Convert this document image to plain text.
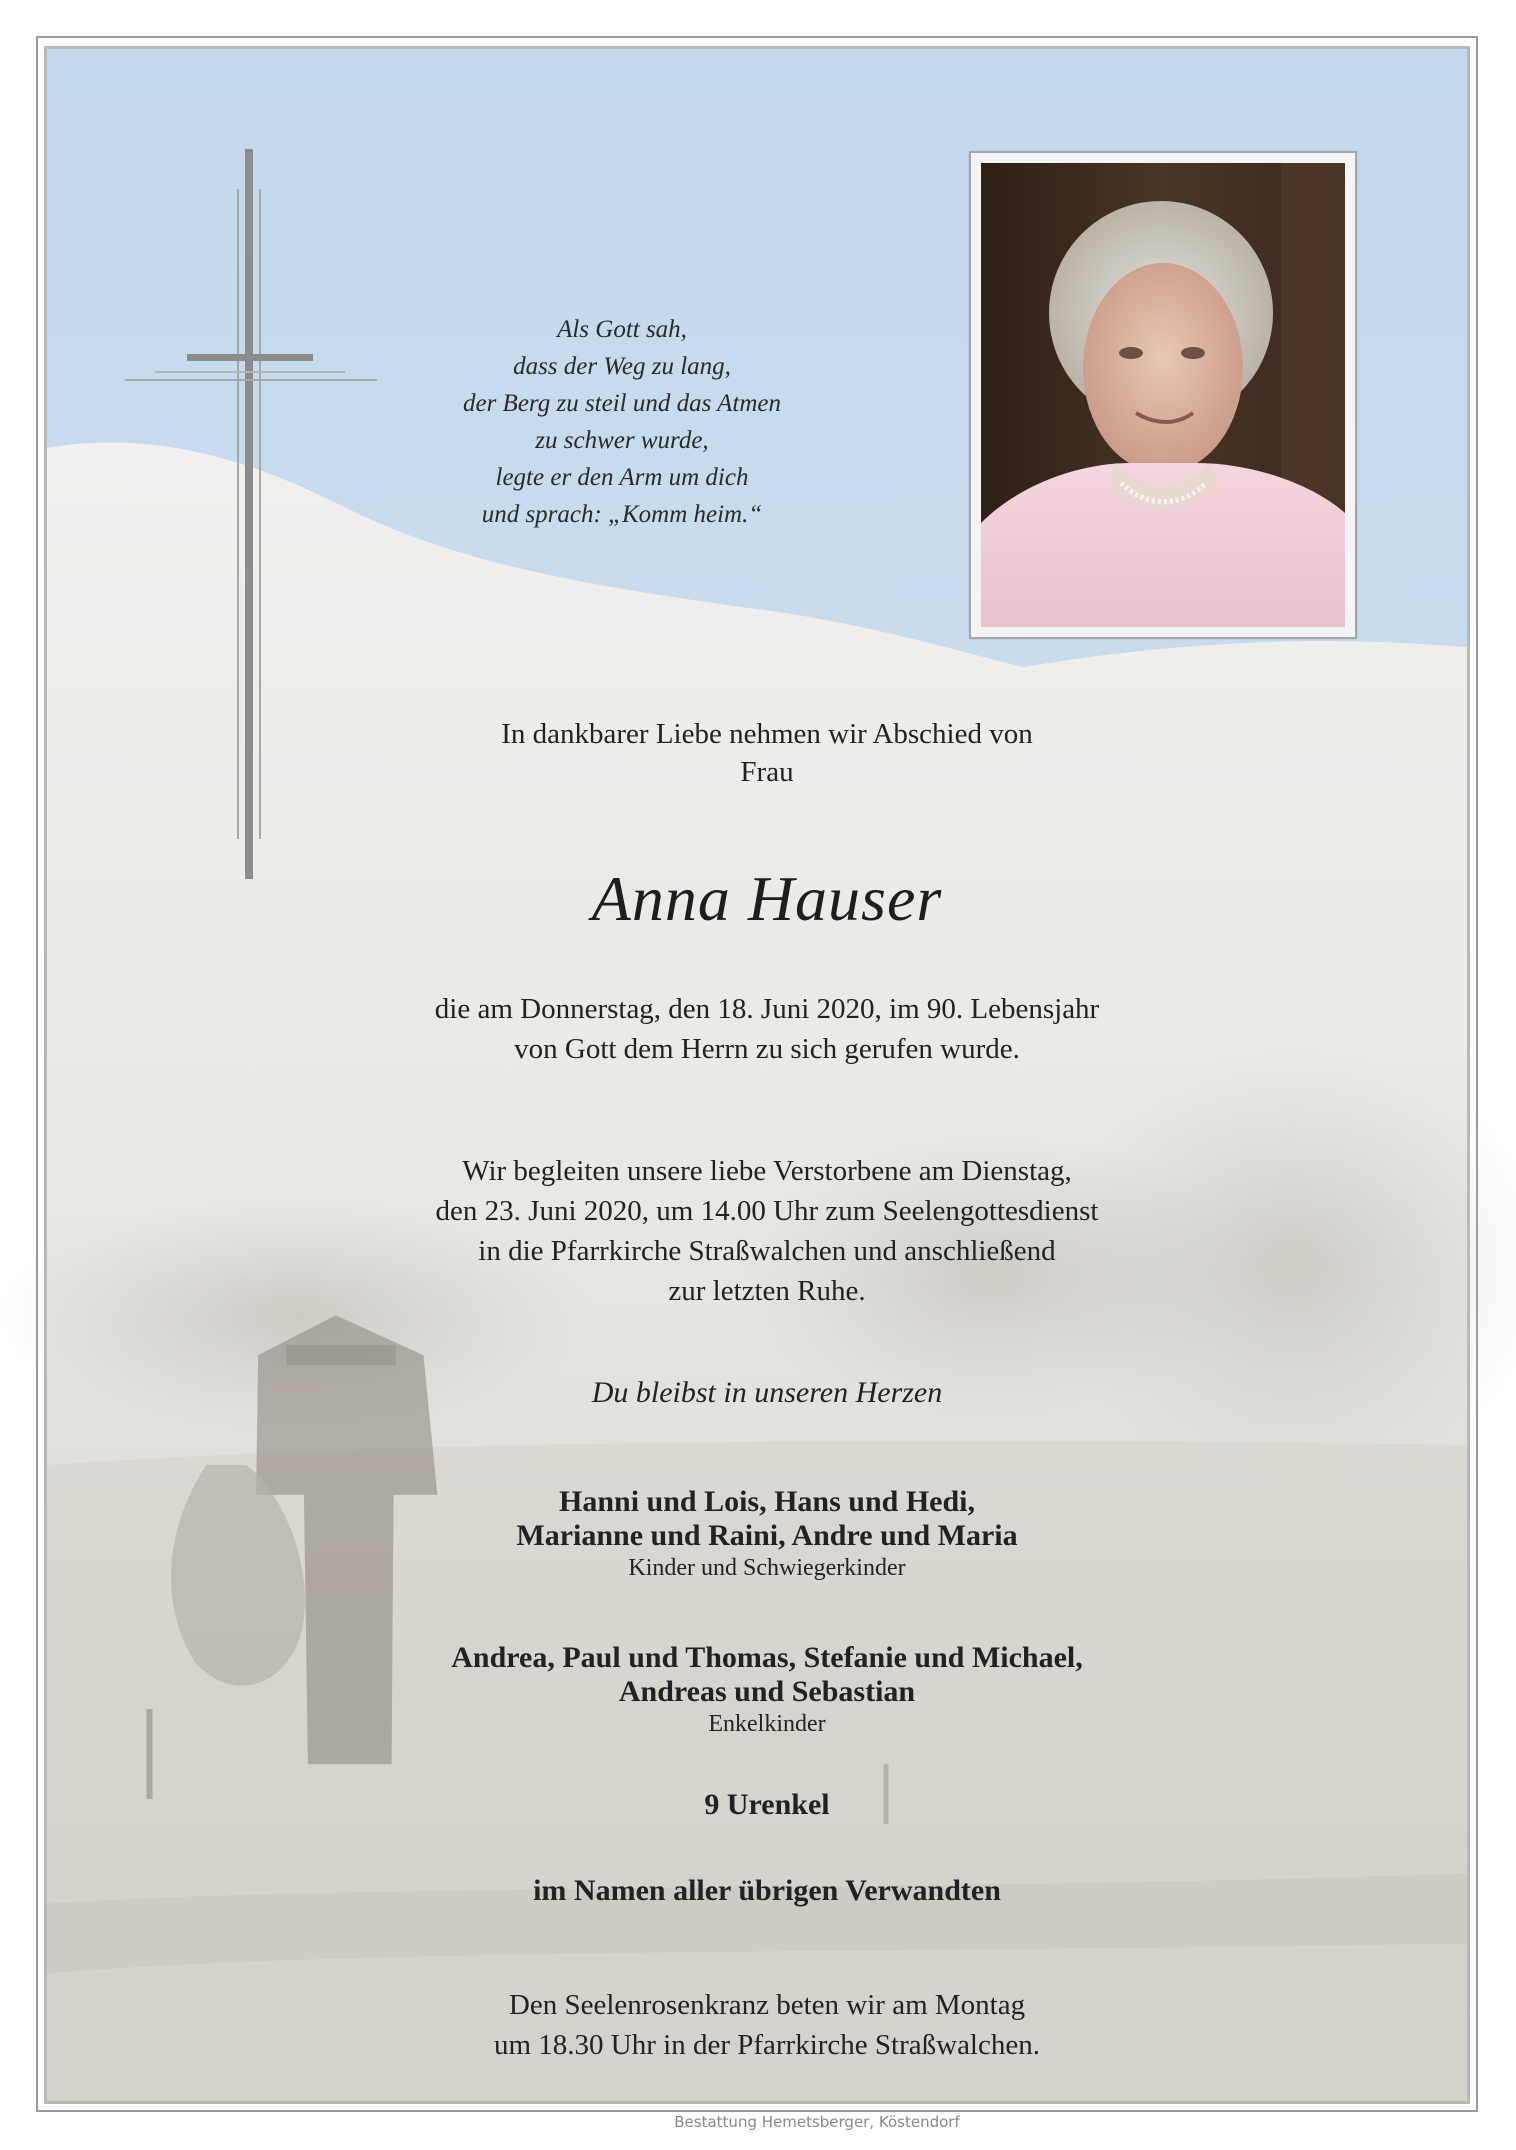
Als Gott sah,
dass der Weg zu lang,
der Berg zu steil und das Atmen
zu schwer wurde,
legte er den Arm um dich
und sprach: „Komm heim.“
In dankbarer Liebe nehmen wir Abschied von
Frau
Anna Hauser
die am Donnerstag, den 18. Juni 2020, im 90. Lebensjahr
von Gott dem Herrn zu sich gerufen wurde.
Wir begleiten unsere liebe Verstorbene am Dienstag,
den 23. Juni 2020, um 14.00 Uhr zum Seelengottesdienst
in die Pfarrkirche Straßwalchen und anschließend
zur letzten Ruhe.
Du bleibst in unseren Herzen
Hanni und Lois, Hans und Hedi,
Marianne und Raini, Andre und Maria
Kinder und Schwiegerkinder
Andrea, Paul und Thomas, Stefanie und Michael,
Andreas und Sebastian
Enkelkinder
9 Urenkel
im Namen aller übrigen Verwandten
Den Seelenrosenkranz beten wir am Montag
um 18.30 Uhr in der Pfarrkirche Straßwalchen.
Bestattung Hemetsberger, Köstendorf
